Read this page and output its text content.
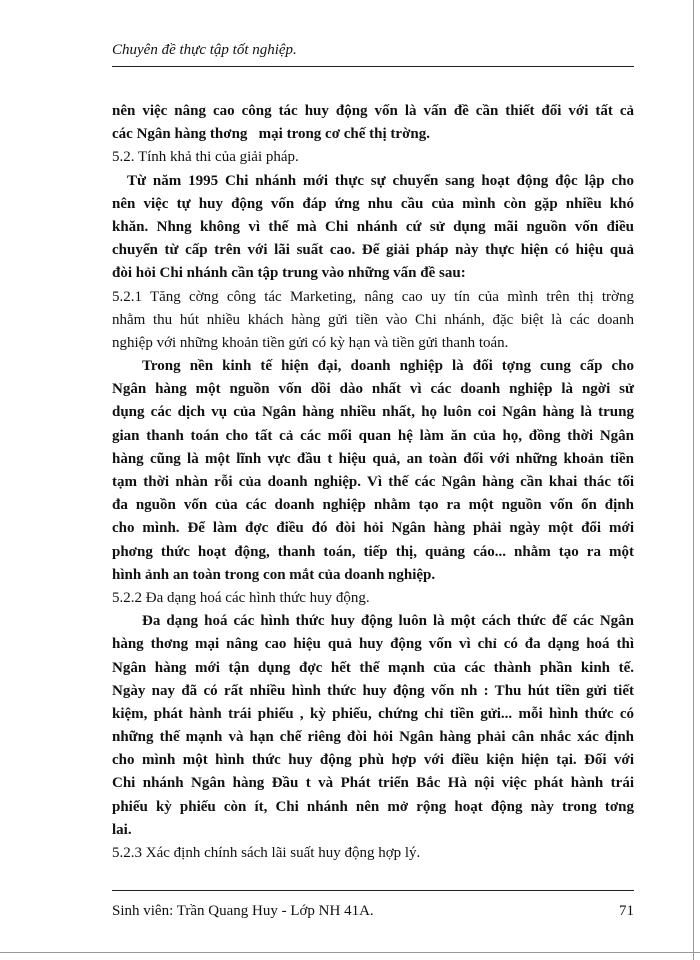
Chuyên đề thực tập tốt nghiệp.
nên việc nâng cao công tác huy động vốn là vấn đề cần thiết đối với tất cả
các Ngân hàng thơng   mại trong cơ chế thị trờng.
5.2. Tính khả thi của giải pháp.
Từ năm 1995 Chi nhánh mới thực sự chuyển sang hoạt động độc lập cho
nên việc tự huy động vốn đáp ứng nhu cầu của mình còn gặp nhiều khó
khăn. Nhng không vì thế mà Chi nhánh cứ sử dụng mãi nguồn vốn điều
chuyển từ cấp trên với lãi suất cao. Để giải pháp này thực hiện có hiệu quả
đòi hỏi Chi nhánh cần tập trung vào những vấn đề sau:
5.2.1 Tăng cờng công tác Marketing, nâng cao uy tín của mình trên thị trờng
nhằm thu hút nhiều khách hàng gửi tiền vào Chi nhánh, đặc biệt là các doanh
nghiệp với những khoản tiền gửi có kỳ hạn và tiền gửi thanh toán.
Trong nền kinh tế hiện đại, doanh nghiệp là đối tợng cung cấp cho
Ngân hàng một nguồn vốn dồi dào nhất vì các doanh nghiệp là ngời sử
dụng các dịch vụ của Ngân hàng nhiều nhất, họ luôn coi Ngân hàng là trung
gian thanh toán cho tất cả các mối quan hệ làm ăn của họ, đồng thời Ngân
hàng cũng là một lĩnh vực đầu t hiệu quả, an toàn đối với những khoản tiền
tạm thời nhàn rỗi của doanh nghiệp. Vì thế các Ngân hàng cần khai thác tối
đa nguồn vốn của các doanh nghiệp nhằm tạo ra một nguồn vốn ổn định
cho mình. Để làm đợc điều đó đòi hỏi Ngân hàng phải ngày một đổi mới
phơng thức hoạt động, thanh toán, tiếp thị, quảng cáo... nhằm tạo ra một
hình ảnh an toàn trong con mắt của doanh nghiệp.
5.2.2 Đa dạng hoá các hình thức huy động.
Đa dạng hoá các hình thức huy động luôn là một cách thức để các Ngân
hàng thơng mại nâng cao hiệu quả huy động vốn vì chỉ có đa dạng hoá thì
Ngân hàng mới tận dụng đợc hết thế mạnh của các thành phần kinh tế.
Ngày nay đã có rất nhiều hình thức huy động vốn nh : Thu hút tiền gửi tiết
kiệm, phát hành trái phiếu , kỳ phiếu, chứng chỉ tiền gửi... mỗi hình thức có
những thế mạnh và hạn chế riêng đòi hỏi Ngân hàng phải cân nhắc xác định
cho mình một hình thức huy động phù hợp với điều kiện hiện tại. Đối với
Chi nhánh Ngân hàng Đầu t và Phát triển Bắc Hà nội việc phát hành trái
phiếu kỳ phiếu còn ít, Chi nhánh nên mở rộng hoạt động này trong tơng
lai.
5.2.3 Xác định chính sách lãi suất huy động hợp lý.
Sinh viên: Trần Quang Huy - Lớp NH 41A.	71
